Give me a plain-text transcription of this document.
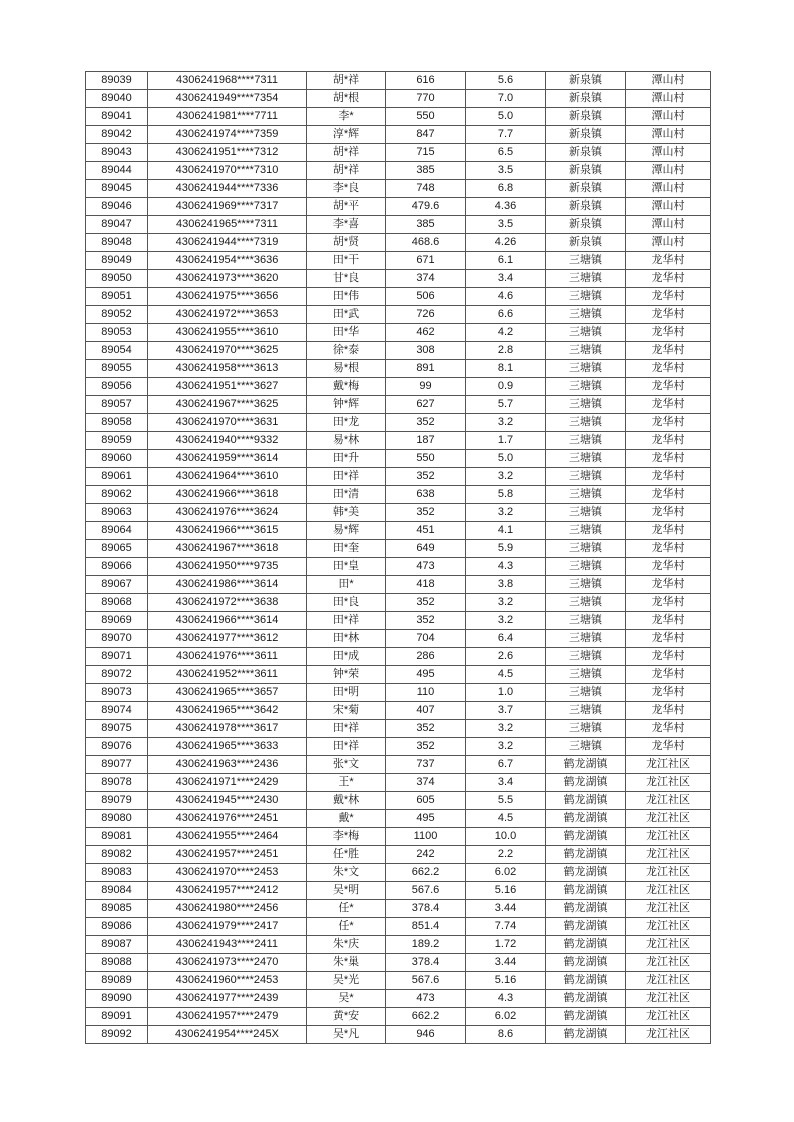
89039	4306241968****7311	胡*祥	616	5.6	新泉镇	潭山村
89040	4306241949****7354	胡*根	770	7.0	新泉镇	潭山村
89041	4306241981****7711	李*	550	5.0	新泉镇	潭山村
89042	4306241974****7359	淳*辉	847	7.7	新泉镇	潭山村
89043	4306241951****7312	胡*祥	715	6.5	新泉镇	潭山村
89044	4306241970****7310	胡*祥	385	3.5	新泉镇	潭山村
89045	4306241944****7336	李*良	748	6.8	新泉镇	潭山村
89046	4306241969****7317	胡*平	479.6	4.36	新泉镇	潭山村
89047	4306241965****7311	李*喜	385	3.5	新泉镇	潭山村
89048	4306241944****7319	胡*贤	468.6	4.26	新泉镇	潭山村
89049	4306241954****3636	田*干	671	6.1	三塘镇	龙华村
89050	4306241973****3620	甘*良	374	3.4	三塘镇	龙华村
89051	4306241975****3656	田*伟	506	4.6	三塘镇	龙华村
89052	4306241972****3653	田*武	726	6.6	三塘镇	龙华村
89053	4306241955****3610	田*华	462	4.2	三塘镇	龙华村
89054	4306241970****3625	徐*泰	308	2.8	三塘镇	龙华村
89055	4306241958****3613	易*根	891	8.1	三塘镇	龙华村
89056	4306241951****3627	戴*梅	99	0.9	三塘镇	龙华村
89057	4306241967****3625	钟*辉	627	5.7	三塘镇	龙华村
89058	4306241970****3631	田*龙	352	3.2	三塘镇	龙华村
89059	4306241940****9332	易*林	187	1.7	三塘镇	龙华村
89060	4306241959****3614	田*升	550	5.0	三塘镇	龙华村
89061	4306241964****3610	田*祥	352	3.2	三塘镇	龙华村
89062	4306241966****3618	田*清	638	5.8	三塘镇	龙华村
89063	4306241976****3624	韩*美	352	3.2	三塘镇	龙华村
89064	4306241966****3615	易*辉	451	4.1	三塘镇	龙华村
89065	4306241967****3618	田*奎	649	5.9	三塘镇	龙华村
89066	4306241950****9735	田*皇	473	4.3	三塘镇	龙华村
89067	4306241986****3614	田*	418	3.8	三塘镇	龙华村
89068	4306241972****3638	田*良	352	3.2	三塘镇	龙华村
89069	4306241966****3614	田*祥	352	3.2	三塘镇	龙华村
89070	4306241977****3612	田*林	704	6.4	三塘镇	龙华村
89071	4306241976****3611	田*成	286	2.6	三塘镇	龙华村
89072	4306241952****3611	钟*荣	495	4.5	三塘镇	龙华村
89073	4306241965****3657	田*明	110	1.0	三塘镇	龙华村
89074	4306241965****3642	宋*菊	407	3.7	三塘镇	龙华村
89075	4306241978****3617	田*祥	352	3.2	三塘镇	龙华村
89076	4306241965****3633	田*祥	352	3.2	三塘镇	龙华村
89077	4306241963****2436	张*文	737	6.7	鹤龙湖镇	龙江社区
89078	4306241971****2429	王*	374	3.4	鹤龙湖镇	龙江社区
89079	4306241945****2430	戴*林	605	5.5	鹤龙湖镇	龙江社区
89080	4306241976****2451	戴*	495	4.5	鹤龙湖镇	龙江社区
89081	4306241955****2464	李*梅	1100	10.0	鹤龙湖镇	龙江社区
89082	4306241957****2451	任*胜	242	2.2	鹤龙湖镇	龙江社区
89083	4306241970****2453	朱*文	662.2	6.02	鹤龙湖镇	龙江社区
89084	4306241957****2412	吴*明	567.6	5.16	鹤龙湖镇	龙江社区
89085	4306241980****2456	任*	378.4	3.44	鹤龙湖镇	龙江社区
89086	4306241979****2417	任*	851.4	7.74	鹤龙湖镇	龙江社区
89087	4306241943****2411	朱*庆	189.2	1.72	鹤龙湖镇	龙江社区
89088	4306241973****2470	朱*巢	378.4	3.44	鹤龙湖镇	龙江社区
89089	4306241960****2453	吴*光	567.6	5.16	鹤龙湖镇	龙江社区
89090	4306241977****2439	吴*	473	4.3	鹤龙湖镇	龙江社区
89091	4306241957****2479	黄*安	662.2	6.02	鹤龙湖镇	龙江社区
89092	4306241954****245X	吴*凡	946	8.6	鹤龙湖镇	龙江社区
